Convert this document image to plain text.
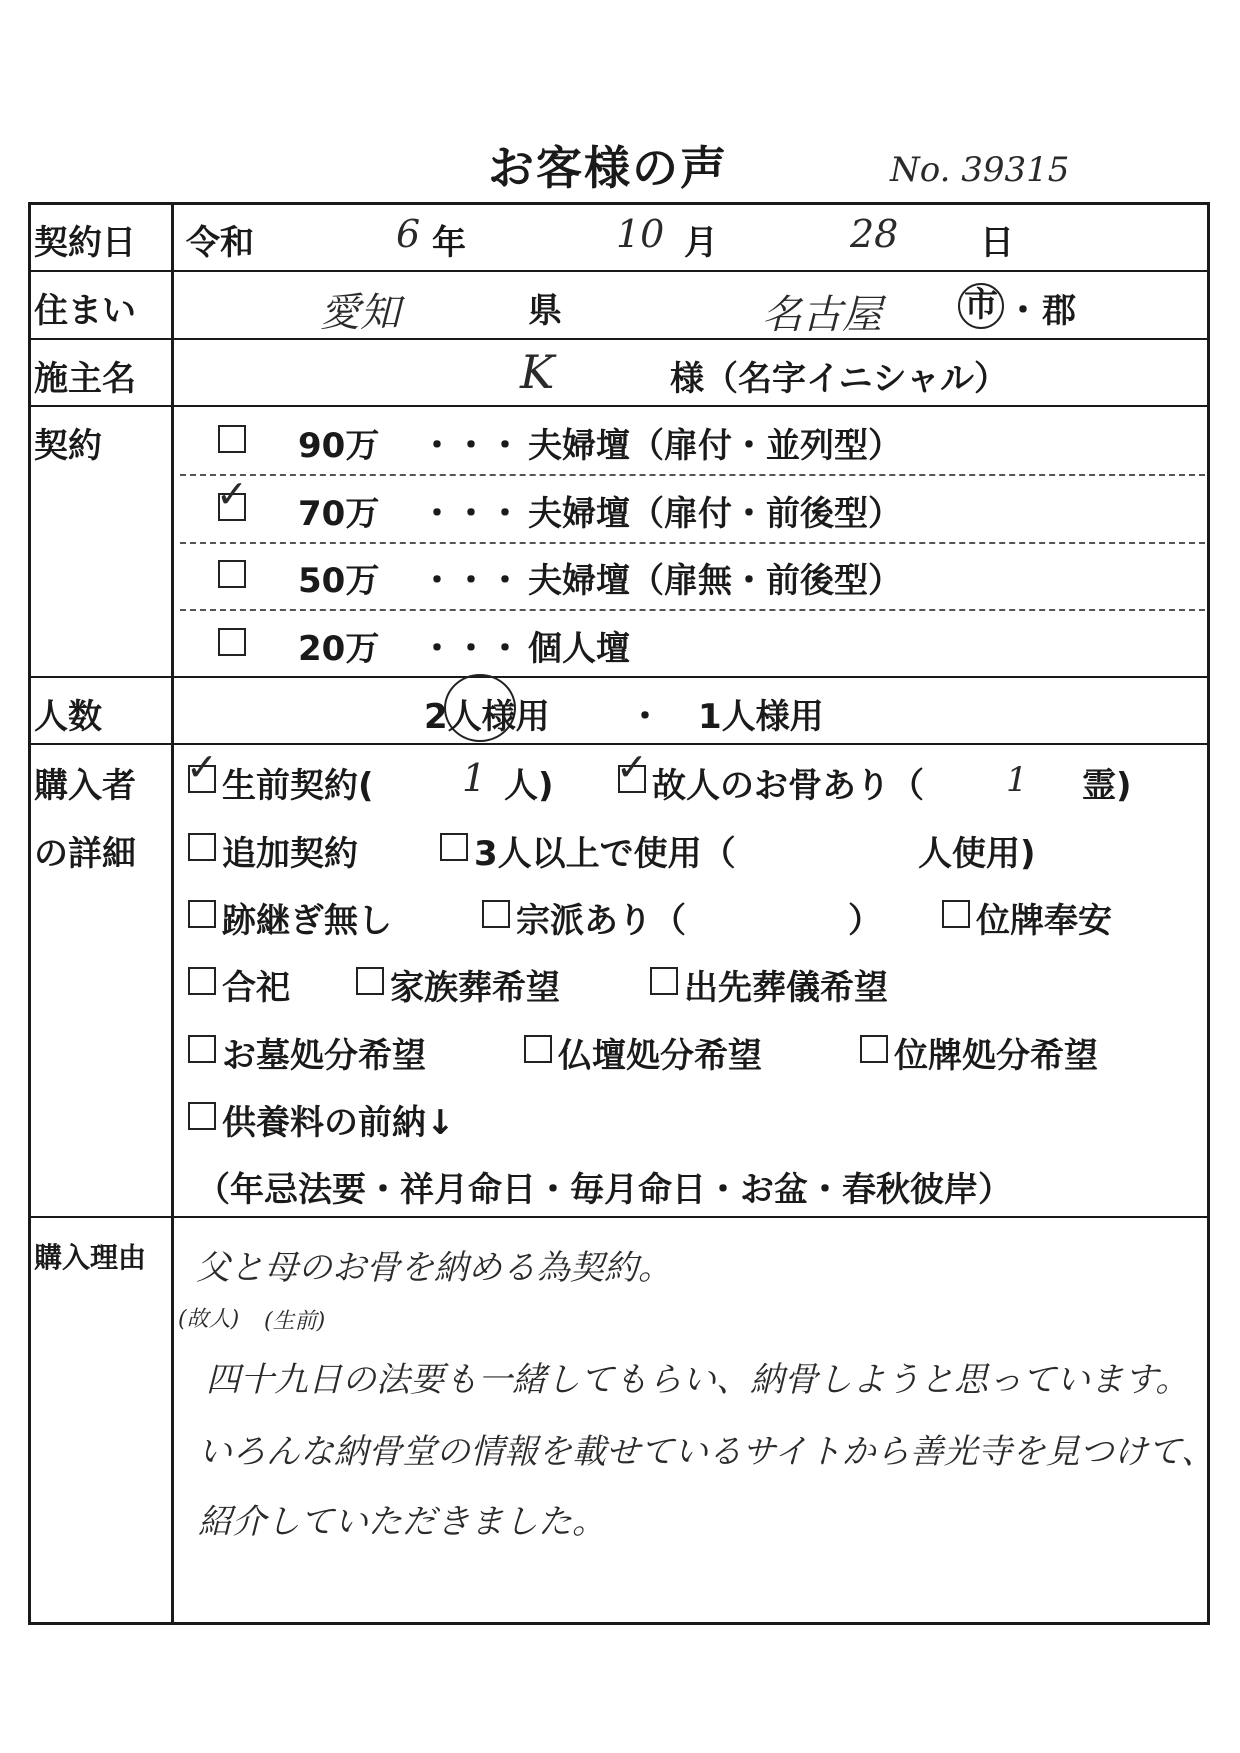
お客様の声	No. 39315
契約日 令和	6 年	10 月	28 日
住まい	愛知	県	名古屋 市 ・ 郡
施主名	K	様（名字イニシャル）
契約	90万 ・・・ 夫婦壇（扉付・並列型）
✓ 70万 ・・・ 夫婦壇（扉付・前後型）
50万 ・・・ 夫婦壇（扉無・前後型）
20万 ・・・ 個人壇
人数	2人様用 ・ 1人様用
購入者
の詳細
✓ 生前契約( 1 人) ✓ 故人のお骨あり（ 1 霊)
追加契約	3人以上で使用（	人使用)
跡継ぎ無し	宗派あり（	）	位牌奉安
合祀	家族葬希望	出先葬儀希望
お墓処分希望	仏壇処分希望	位牌処分希望
供養料の前納↓
（年忌法要・祥月命日・毎月命日・お盆・春秋彼岸）
購入理由 父と母のお骨を納める為契約。
(故人) (生前)
四十九日の法要も一緒してもらい、納骨しようと思っています。
いろんな納骨堂の情報を載せているサイトから善光寺を見つけて、
紹介していただきました。
